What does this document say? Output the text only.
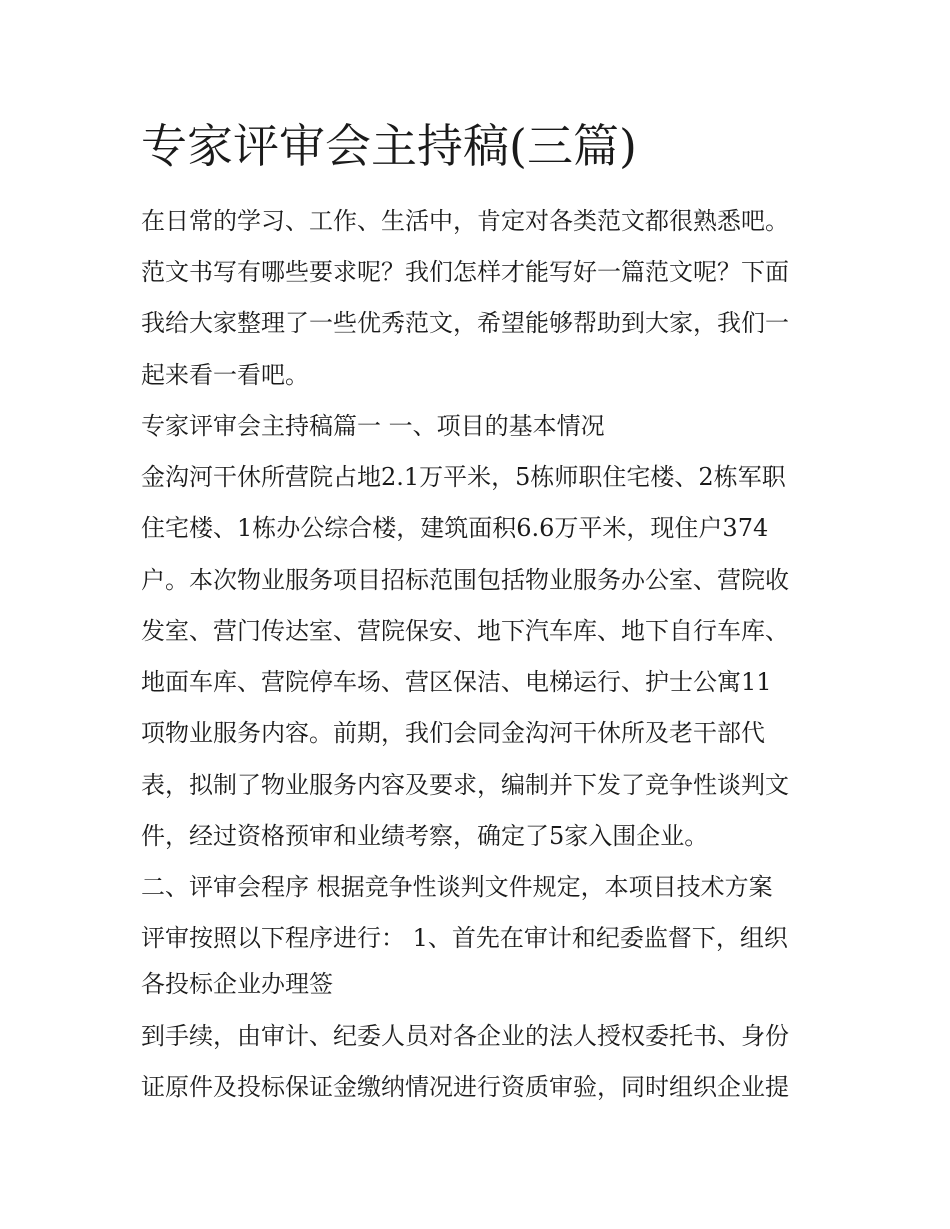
专家评审会主持稿(三篇)
在日常的学习、工作、生活中，肯定对各类范文都很熟悉吧。
范文书写有哪些要求呢？我们怎样才能写好一篇范文呢？下面
我给大家整理了一些优秀范文，希望能够帮助到大家，我们一
起来看一看吧。
专家评审会主持稿篇一 一、项目的基本情况
金沟河干休所营院占地2.1万平米，5栋师职住宅楼、2栋军职
住宅楼、1栋办公综合楼，建筑面积6.6万平米，现住户374
户。本次物业服务项目招标范围包括物业服务办公室、营院收
发室、营门传达室、营院保安、地下汽车库、地下自行车库、
地面车库、营院停车场、营区保洁、电梯运行、护士公寓11
项物业服务内容。前期，我们会同金沟河干休所及老干部代
表，拟制了物业服务内容及要求，编制并下发了竞争性谈判文
件，经过资格预审和业绩考察，确定了5家入围企业。
二、评审会程序 根据竞争性谈判文件规定，本项目技术方案
评审按照以下程序进行： 1、首先在审计和纪委监督下，组织
各投标企业办理签
到手续，由审计、纪委人员对各企业的法人授权委托书、身份
证原件及投标保证金缴纳情况进行资质审验，同时组织企业提
